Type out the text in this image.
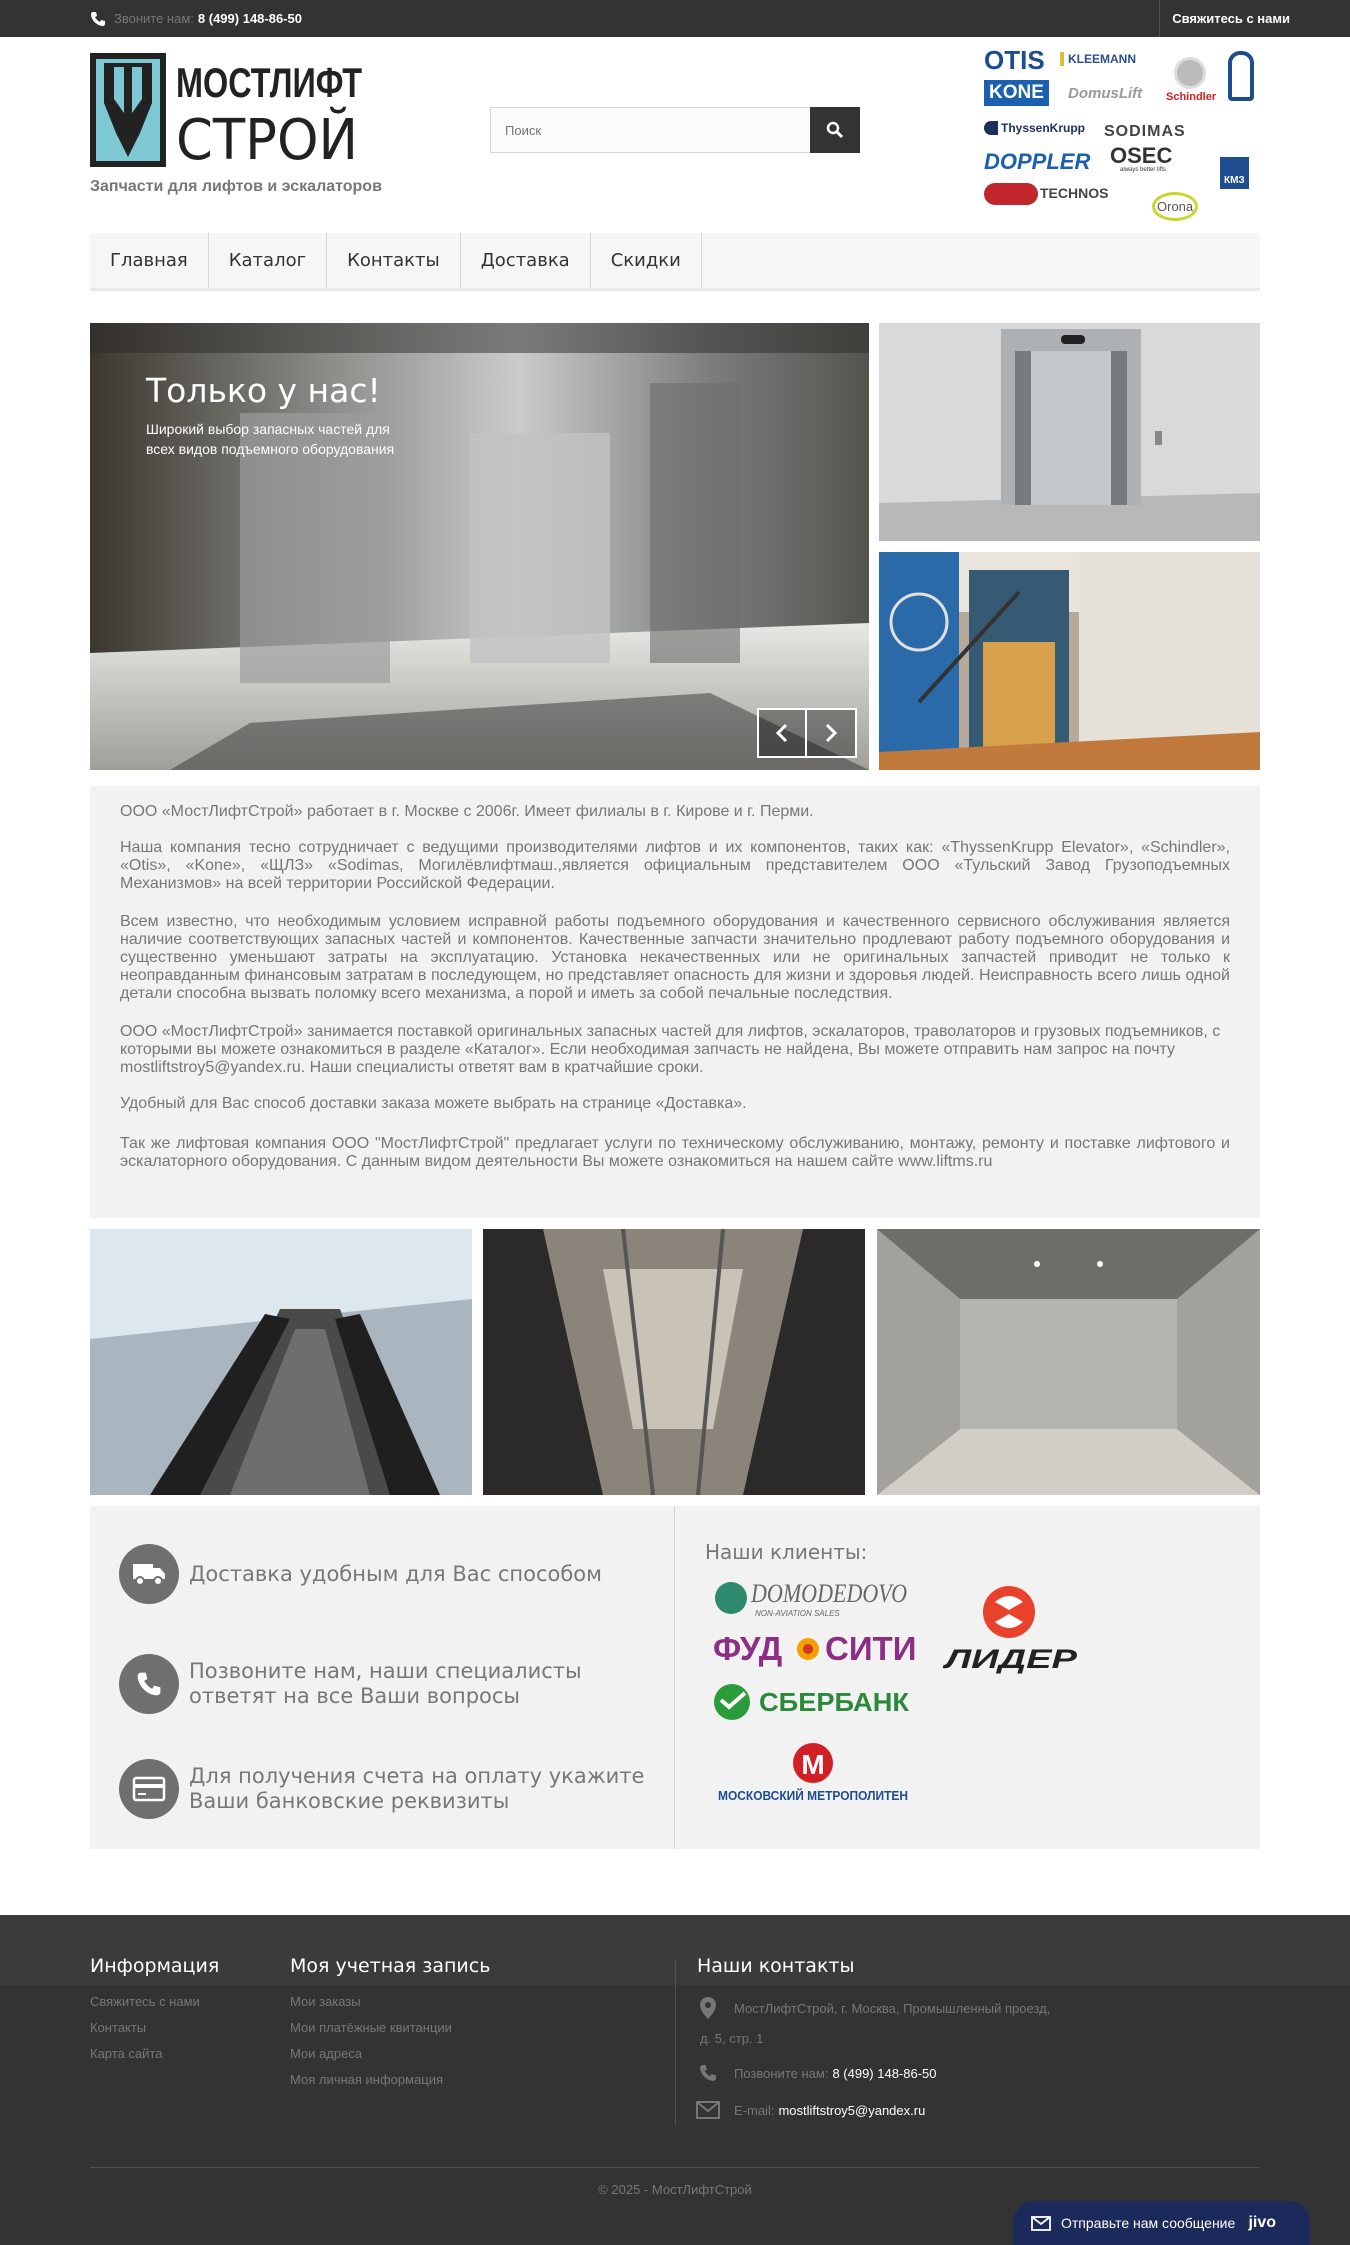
Звоните нам: 8 (499) 148-86-50	Свяжитесь с нами
МОСТЛИФТ
СТРОЙ
Запчасти для лифтов и эскалаторов
Поиск
OTIS	KLEEMANN
KONE	DomusLift Schindler
ThyssenKrupp SODIMAS
DOPPLER OSEC
always better lifts
TECHNOS
Orona
КМЗ
Главная	Каталог	Контакты	Доставка	Скидки
Только у нас!
Широкий выбор запасных частей для всех видов подъемного оборудования

ООО «МостЛифтСтрой» работает в г. Москве с 2006г. Имеет филиалы в г. Кирове и г. Перми.

Наша компания тесно сотрудничает с ведущими производителями лифтов и их компонентов, таких как: «ThyssenKrupp Elevator», «Schindler», «Otis», «Kone», «ЩЛЗ» «Sodimas, Могилёвлифтмаш.,является официальным представителем ООО «Тульский Завод Грузоподъемных Механизмов» на всей территории Российской Федерации.

Всем известно, что необходимым условием исправной работы подъемного оборудования и качественного сервисного обслуживания является наличие соответствующих запасных частей и компонентов. Качественные запчасти значительно продлевают работу подъемного оборудования и существенно уменьшают затраты на эксплуатацию. Установка некачественных или не оригинальных запчастей приводит не только к неоправданным финансовым затратам в последующем, но представляет опасность для жизни и здоровья людей. Неисправность всего лишь одной детали способна вызвать поломку всего механизма, а порой и иметь за собой печальные последствия.

ООО «МостЛифтСтрой» занимается поставкой оригинальных запасных частей для лифтов, эскалаторов, траволаторов и грузовых подъемников, с которыми вы можете ознакомиться в разделе «Каталог». Если необходимая запчасть не найдена, Вы можете отправить нам запрос на почту mostliftstroy5@yandex.ru. Наши специалисты ответят вам в кратчайшие сроки.

Удобный для Вас способ доставки заказа можете выбрать на странице «Доставка».

Так же лифтовая компания ООО "МостЛифтСтрой" предлагает услуги по техническому обслуживанию, монтажу, ремонту и поставке лифтового и эскалаторного оборудования. С данным видом деятельности Вы можете ознакомиться на нашем сайте www.liftms.ru

Доставка удобным для Вас способом
Позвоните нам, наши специалисты ответят на все Ваши вопросы
Для получения счета на оплату укажите Ваши банковские реквизиты
Наши клиенты:
DOMODEDOVO
NON-AVIATION SALES
ФУД СИТИ ЛИДЕР
СБЕРБАНК
М
МОСКОВСКИЙ МЕТРОПОЛИТЕН
Информация
Свяжитесь с нами
Контакты
Карта сайта
Моя учетная запись
Мои заказы
Мои платёжные квитанции
Мои адреса
Моя личная информация
Наши контакты
МостЛифтСтрой, г. Москва, Промышленный проезд,
д. 5, стр. 1
Позвоните нам: 8 (499) 148-86-50
E-mail: mostliftstroy5@yandex.ru
© 2025 - МостЛифтСтрой
Отправьте нам сообщение jivo
